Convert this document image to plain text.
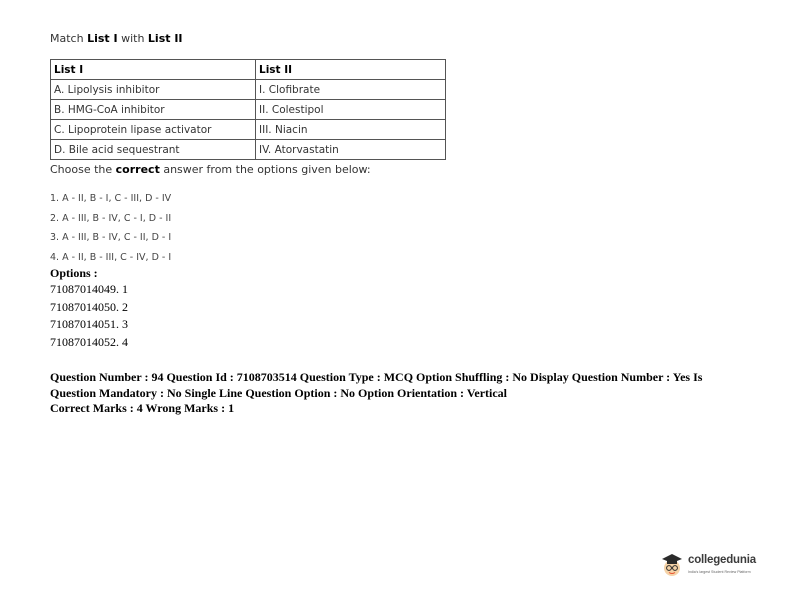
Match List I with List II
List I	List II
A. Lipolysis inhibitor	I. Clofibrate
B. HMG-CoA inhibitor	II. Colestipol
C. Lipoprotein lipase activator	III. Niacin
D. Bile acid sequestrant	IV. Atorvastatin
Choose the correct answer from the options given below:
1. A - II, B - I, C - III, D - IV
2. A - III, B - IV, C - I, D - II
3. A - III, B - IV, C - II, D - I
4. A - II, B - III, C - IV, D - I
Options :
71087014049. 1
71087014050. 2
71087014051. 3
71087014052. 4
Question Number : 94 Question Id : 7108703514 Question Type : MCQ Option Shuffling : No Display Question Number : Yes Is Question Mandatory : No Single Line Question Option : No Option Orientation : Vertical
Correct Marks : 4 Wrong Marks : 1
collegedunia
India's largest Student Review Platform
